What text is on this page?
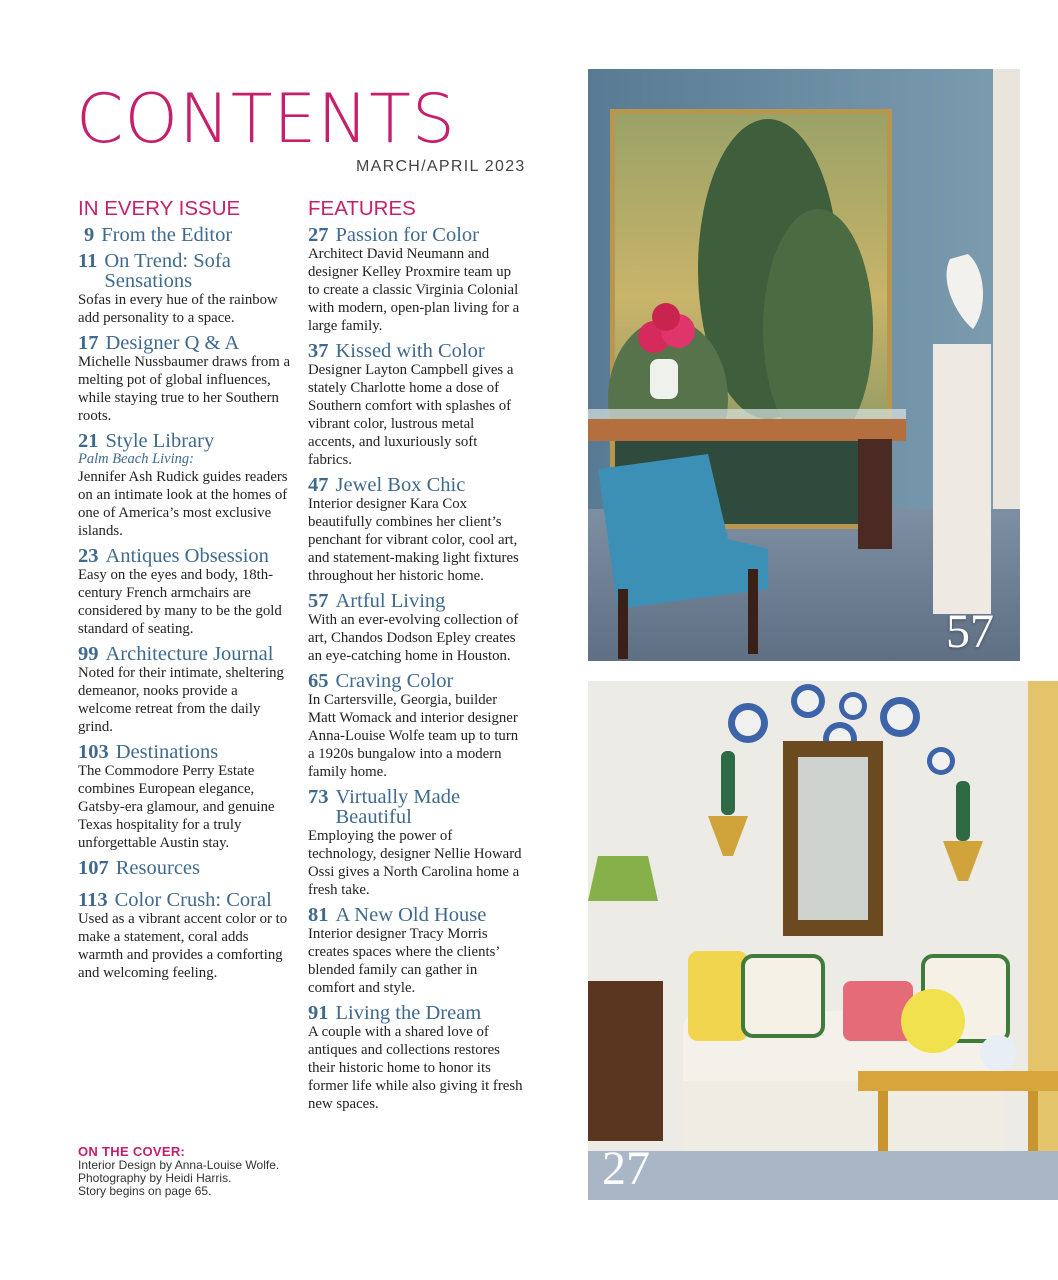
CONTENTS
MARCH/APRIL 2023
IN EVERY ISSUE
9 From the Editor
11 On Trend: Sofa Sensations
Sofas in every hue of the rainbow add personality to a space.
17 Designer Q & A
Michelle Nussbaumer draws from a melting pot of global influences, while staying true to her Southern roots.
21 Style Library
Palm Beach Living:
Jennifer Ash Rudick guides readers on an intimate look at the homes of one of America’s most exclusive islands.
23 Antiques Obsession
Easy on the eyes and body, 18th-century French armchairs are considered by many to be the gold standard of seating.
99 Architecture Journal
Noted for their intimate, sheltering demeanor, nooks provide a welcome retreat from the daily grind.
103 Destinations
The Commodore Perry Estate combines European elegance, Gatsby-era glamour, and genuine Texas hospitality for a truly unforgettable Austin stay.
107 Resources
113 Color Crush: Coral
Used as a vibrant accent color or to make a statement, coral adds warmth and provides a comforting and welcoming feeling.
FEATURES
27 Passion for Color
Architect David Neumann and designer Kelley Proxmire team up to create a classic Virginia Colonial with modern, open-plan living for a large family.
37 Kissed with Color
Designer Layton Campbell gives a stately Charlotte home a dose of Southern comfort with splashes of vibrant color, lustrous metal accents, and luxuriously soft fabrics.
47 Jewel Box Chic
Interior designer Kara Cox beautifully combines her client’s penchant for vibrant color, cool art, and statement-making light fixtures throughout her historic home.
57 Artful Living
With an ever-evolving collection of art, Chandos Dodson Epley creates an eye-catching home in Houston.
65 Craving Color
In Cartersville, Georgia, builder Matt Womack and interior designer Anna-Louise Wolfe team up to turn a 1920s bungalow into a modern family home.
73 Virtually Made Beautiful
Employing the power of technology, designer Nellie Howard Ossi gives a North Carolina home a fresh take.
81 A New Old House
Interior designer Tracy Morris creates spaces where the clients’ blended family can gather in comfort and style.
91 Living the Dream
A couple with a shared love of antiques and collections restores their historic home to honor its former life while also giving it fresh new spaces.
ON THE COVER:
Interior Design by Anna-Louise Wolfe.
Photography by Heidi Harris.
Story begins on page 65.
57
27
